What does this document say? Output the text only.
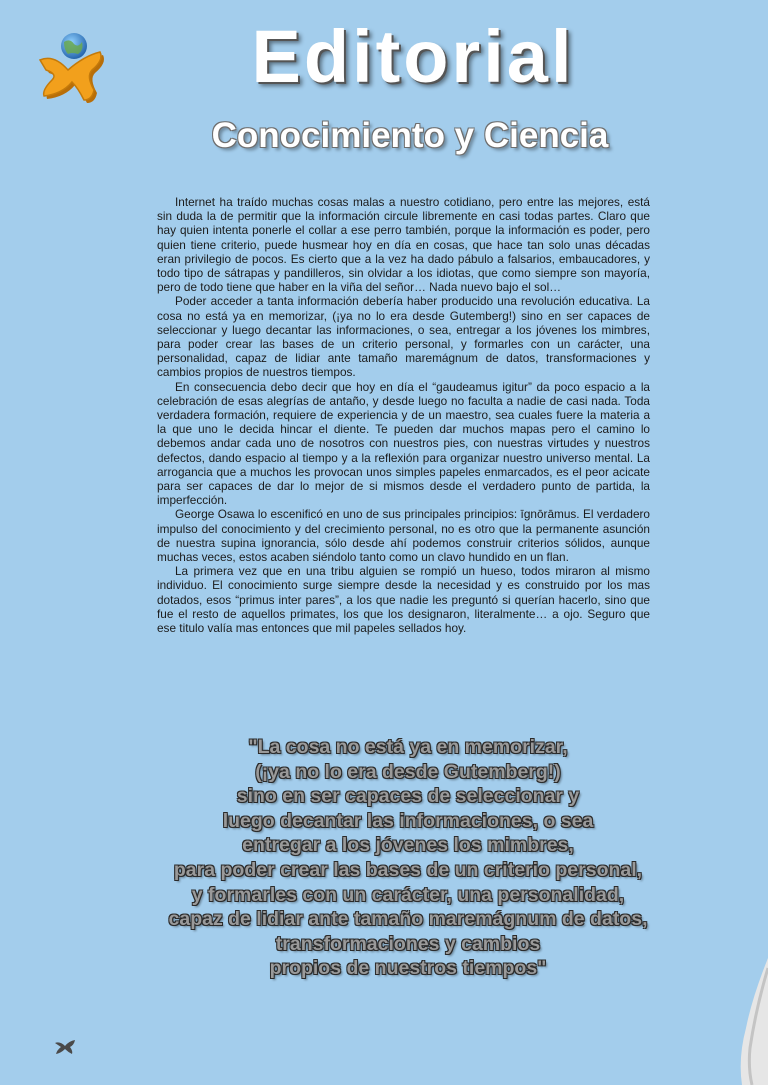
Editorial
Conocimiento y Ciencia

Internet ha traído muchas cosas malas a nuestro cotidiano, pero entre las mejores, está sin duda la de permitir que la información circule libremente en casi todas partes. Claro que hay quien intenta ponerle el collar a ese perro también, porque la información es poder, pero quien tiene criterio, puede husmear hoy en día en cosas, que hace tan solo unas décadas eran privilegio de pocos. Es cierto que a la vez ha dado pábulo a falsarios, embaucadores, y todo tipo de sátrapas y pandilleros, sin olvidar a los idiotas, que como siempre son mayoría, pero de todo tiene que haber en la viña del señor… Nada nuevo bajo el sol…

Poder acceder a tanta información debería haber producido una revolución educativa. La cosa no está ya en memorizar, (¡ya no lo era desde Gutemberg!) sino en ser capaces de seleccionar y luego decantar las informaciones, o sea, entregar a los jóvenes los mimbres, para poder crear las bases de un criterio personal, y formarles con un carácter, una personalidad, capaz de lidiar ante tamaño maremágnum de datos, transformaciones y cambios propios de nuestros tiempos.

En consecuencia debo decir que hoy en día el “gaudeamus igitur” da poco espacio a la celebración de esas alegrías de antaño, y desde luego no faculta a nadie de casi nada. Toda verdadera formación, requiere de experiencia y de un maestro, sea cuales fuere la materia a la que uno le decida hincar el diente. Te pueden dar muchos mapas pero el camino lo debemos andar cada uno de nosotros con nuestros pies, con nuestras virtudes y nuestros defectos, dando espacio al tiempo y a la reflexión para organizar nuestro universo mental. La arrogancia que a muchos les provocan unos simples papeles enmarcados, es el peor acicate para ser capaces de dar lo mejor de si mismos desde el verdadero punto de partida, la imperfección.

George Osawa lo escenificó en uno de sus principales principios: īgnōrāmus. El verdadero impulso del conocimiento y del crecimiento personal, no es otro que la permanente asunción de nuestra supina ignorancia, sólo desde ahí podemos construir criterios sólidos, aunque muchas veces, estos acaben siéndolo tanto como un clavo hundido en un flan.

La primera vez que en una tribu alguien se rompió un hueso, todos miraron al mismo individuo. El conocimiento surge siempre desde la necesidad y es construido por los mas dotados, esos “primus inter pares”, a los que nadie les preguntó si querían hacerlo, sino que fue el resto de aquellos primates, los que los designaron, literalmente… a ojo. Seguro que ese titulo valía mas entonces que mil papeles sellados hoy.

"La cosa no está ya en memorizar,
(¡ya no lo era desde Gutemberg!)
sino en ser capaces de seleccionar y
luego decantar las informaciones, o sea
entregar a los jóvenes los mimbres,
para poder crear las bases de un criterio personal,
y formarles con un carácter, una personalidad,
capaz de lidiar ante tamaño maremágnum de datos,
transformaciones y cambios
propios de nuestros tiempos"
